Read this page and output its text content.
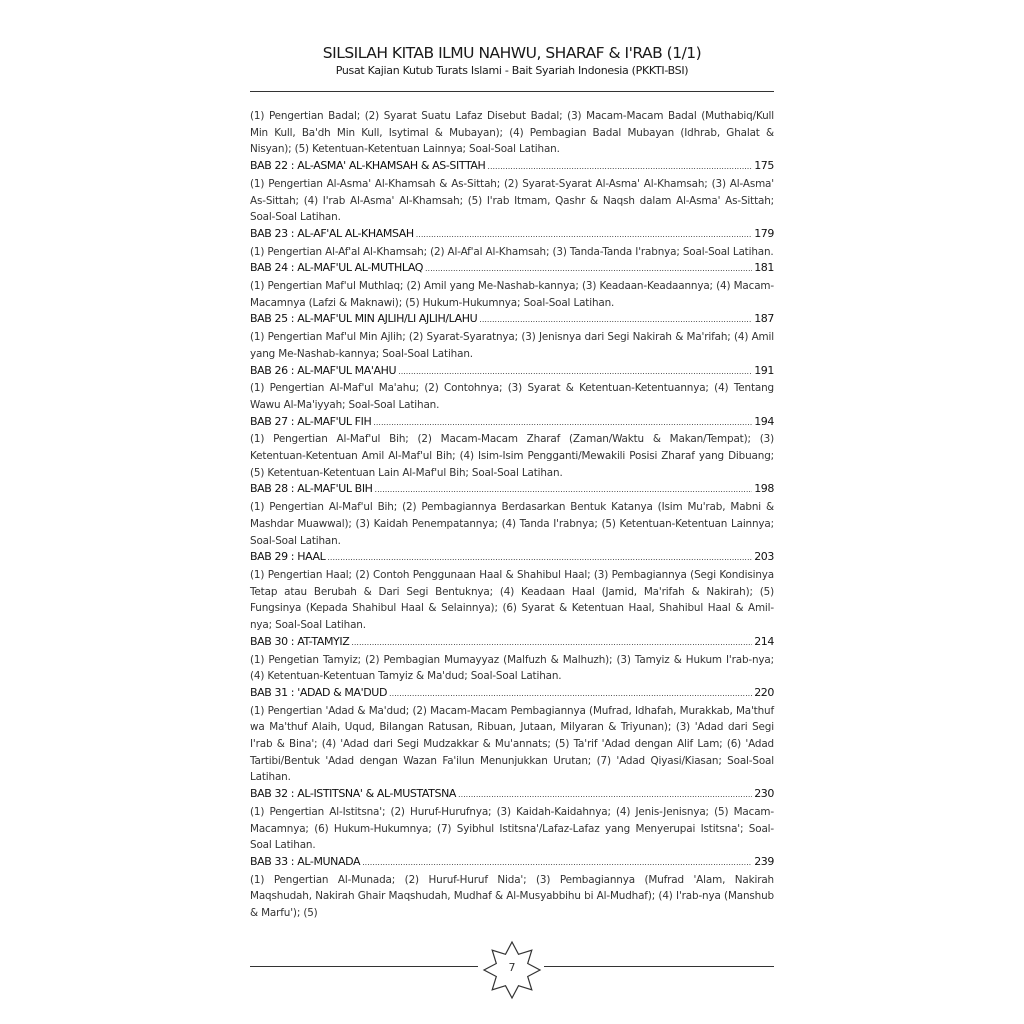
SILSILAH KITAB ILMU NAHWU, SHARAF & I'RAB (1/1)
Pusat Kajian Kutub Turats Islami - Bait Syariah Indonesia (PKKTI-BSI)

(1) Pengertian Badal; (2) Syarat Suatu Lafaz Disebut Badal; (3) Macam-Macam Badal (Muthabiq/Kull Min Kull, Ba'dh Min Kull, Isytimal & Mubayan); (4) Pembagian Badal Mubayan (Idhrab, Ghalat & Nisyan); (5) Ketentuan-Ketentuan Lainnya; Soal-Soal Latihan.

BAB 22 : AL-ASMA' AL-KHAMSAH & AS-SITTAH .....	175

(1) Pengertian Al-Asma' Al-Khamsah & As-Sittah; (2) Syarat-Syarat Al-Asma' Al-Khamsah; (3) Al-Asma' As-Sittah; (4) I'rab Al-Asma' Al-Khamsah; (5) I'rab Itmam, Qashr & Naqsh dalam Al-Asma' As-Sittah; Soal-Soal Latihan.

BAB 23 : AL-AF'AL AL-KHAMSAH .....	179

(1) Pengertian Al-Af'al Al-Khamsah; (2) Al-Af'al Al-Khamsah; (3) Tanda-Tanda I'rabnya; Soal-Soal Latihan.

BAB 24 : AL-MAF'UL AL-MUTHLAQ .....	181

(1) Pengertian Maf'ul Muthlaq; (2) Amil yang Me-Nashab-kannya; (3) Keadaan-Keadaannya; (4) Macam-Macamnya (Lafzi & Maknawi); (5) Hukum-Hukumnya; Soal-Soal Latihan.

BAB 25 : AL-MAF'UL MIN AJLIH/LI AJLIH/LAHU .....	187

(1) Pengertian Maf'ul Min Ajlih; (2) Syarat-Syaratnya; (3) Jenisnya dari Segi Nakirah & Ma'rifah; (4) Amil yang Me-Nashab-kannya; Soal-Soal Latihan.

BAB 26 : AL-MAF'UL MA'AHU .....	191

(1) Pengertian Al-Maf'ul Ma'ahu; (2) Contohnya; (3) Syarat & Ketentuan-Ketentuannya; (4) Tentang Wawu Al-Ma'iyyah; Soal-Soal Latihan.

BAB 27 : AL-MAF'UL FIH .....	194

(1) Pengertian Al-Maf'ul Bih; (2) Macam-Macam Zharaf (Zaman/Waktu & Makan/Tempat); (3) Ketentuan-Ketentuan Amil Al-Maf'ul Bih; (4) Isim-Isim Pengganti/Mewakili Posisi Zharaf yang Dibuang; (5) Ketentuan-Ketentuan Lain Al-Maf'ul Bih; Soal-Soal Latihan.

BAB 28 : AL-MAF'UL BIH .....	198

(1) Pengertian Al-Maf'ul Bih; (2) Pembagiannya Berdasarkan Bentuk Katanya (Isim Mu'rab, Mabni & Mashdar Muawwal); (3) Kaidah Penempatannya; (4) Tanda I'rabnya; (5) Ketentuan-Ketentuan Lainnya; Soal-Soal Latihan.

BAB 29 : HAAL .....	203

(1) Pengertian Haal; (2) Contoh Penggunaan Haal & Shahibul Haal; (3) Pembagiannya (Segi Kondisinya Tetap atau Berubah & Dari Segi Bentuknya; (4) Keadaan Haal (Jamid, Ma'rifah & Nakirah); (5) Fungsinya (Kepada Shahibul Haal & Selainnya); (6) Syarat & Ketentuan Haal, Shahibul Haal & Amil-nya; Soal-Soal Latihan.

BAB 30 : AT-TAMYIZ .....	214

(1) Pengetian Tamyiz; (2) Pembagian Mumayyaz (Malfuzh & Malhuzh); (3) Tamyiz & Hukum I'rab-nya; (4) Ketentuan-Ketentuan Tamyiz & Ma'dud; Soal-Soal Latihan.

BAB 31 : 'ADAD & MA'DUD .....	220

(1) Pengertian 'Adad & Ma'dud; (2) Macam-Macam Pembagiannya (Mufrad, Idhafah, Murakkab, Ma'thuf wa Ma'thuf Alaih, Uqud, Bilangan Ratusan, Ribuan, Jutaan, Milyaran & Triyunan); (3) 'Adad dari Segi I'rab & Bina'; (4) 'Adad dari Segi Mudzakkar & Mu'annats; (5) Ta'rif 'Adad dengan Alif Lam; (6) 'Adad Tartibi/Bentuk 'Adad dengan Wazan Fa'ilun Menunjukkan Urutan; (7) 'Adad Qiyasi/Kiasan; Soal-Soal Latihan.

BAB 32 : AL-ISTITSNA' & AL-MUSTATSNA .....	230

(1) Pengertian Al-Istitsna'; (2) Huruf-Hurufnya; (3) Kaidah-Kaidahnya; (4) Jenis-Jenisnya; (5) Macam-Macamnya; (6) Hukum-Hukumnya; (7) Syibhul Istitsna'/Lafaz-Lafaz yang Menyerupai Istitsna'; Soal-Soal Latihan.

BAB 33 : AL-MUNADA .....	239

(1) Pengertian Al-Munada; (2) Huruf-Huruf Nida'; (3) Pembagiannya (Mufrad 'Alam, Nakirah Maqshudah, Nakirah Ghair Maqshudah, Mudhaf & Al-Musyabbihu bi Al-Mudhaf); (4) I'rab-nya (Manshub & Marfu'); (5)

7
